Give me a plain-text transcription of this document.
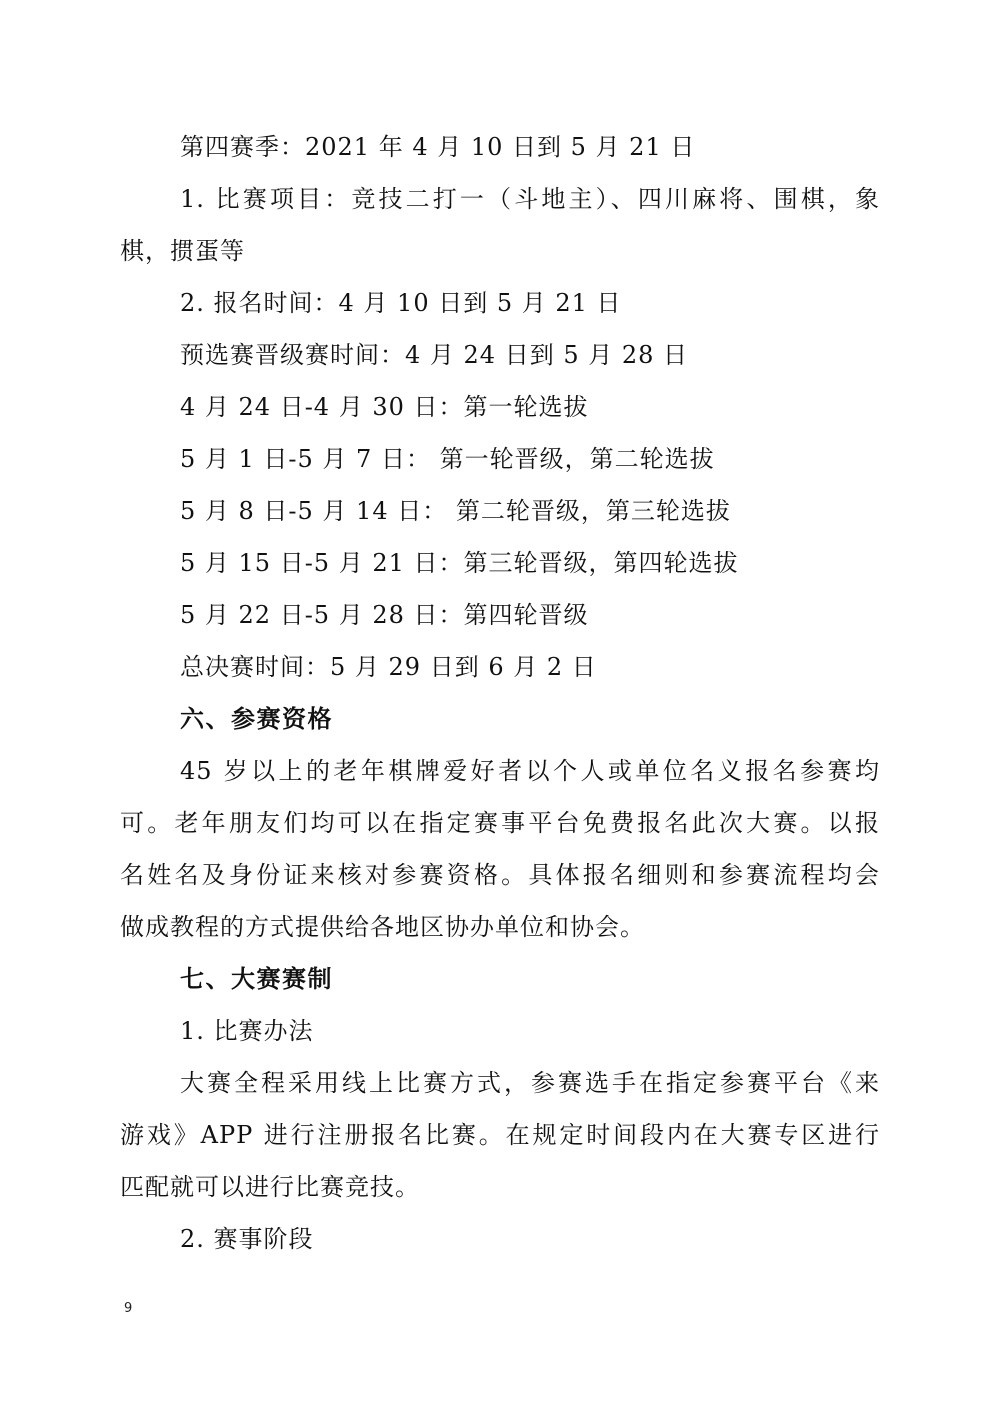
第四赛季：2021 年 4 月 10 日到 5 月 21 日
1. 比赛项目：竞技二打一（斗地主）、四川麻将、围棋，象
棋，掼蛋等
2. 报名时间：4 月 10 日到 5 月 21 日
预选赛晋级赛时间：4 月 24 日到 5 月 28 日
4 月 24 日-4 月 30 日：第一轮选拔
5 月 1 日-5 月 7 日： 第一轮晋级，第二轮选拔
5 月 8 日-5 月 14 日： 第二轮晋级，第三轮选拔
5 月 15 日-5 月 21 日：第三轮晋级，第四轮选拔
5 月 22 日-5 月 28 日：第四轮晋级
总决赛时间：5 月 29 日到 6 月 2 日
六、参赛资格
45 岁以上的老年棋牌爱好者以个人或单位名义报名参赛均
可。老年朋友们均可以在指定赛事平台免费报名此次大赛。以报
名姓名及身份证来核对参赛资格。具体报名细则和参赛流程均会
做成教程的方式提供给各地区协办单位和协会。
七、大赛赛制
1. 比赛办法
大赛全程采用线上比赛方式，参赛选手在指定参赛平台《来
游戏》APP 进行注册报名比赛。在规定时间段内在大赛专区进行
匹配就可以进行比赛竞技。
2. 赛事阶段
9
